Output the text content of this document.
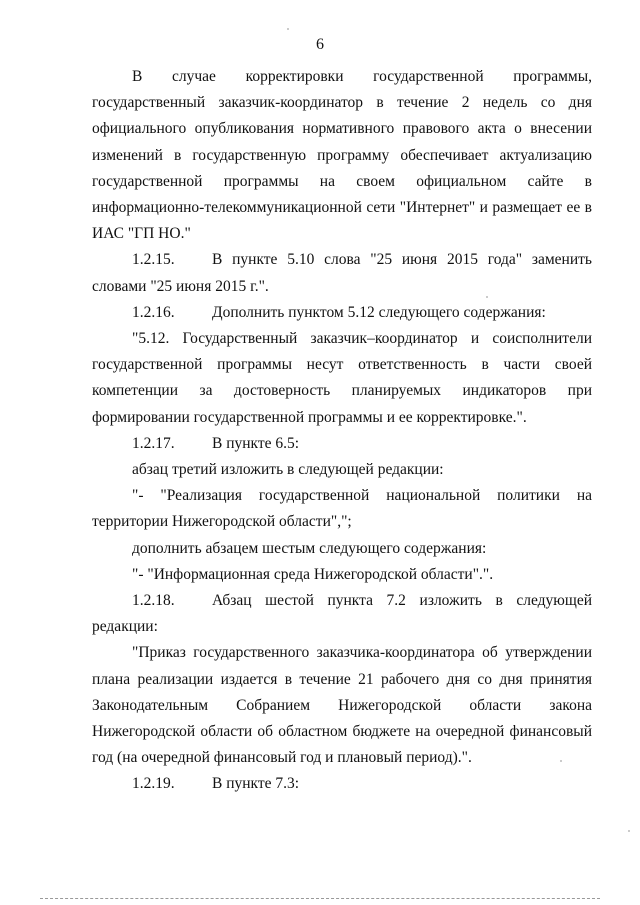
6

В случае корректировки государственной программы,

государственный заказчик-координатор в течение 2 недель со дня

официального опубликования нормативного правового акта о внесении

изменений в государственную программу обеспечивает актуализацию

государственной программы на своем официальном сайте в

информационно-телекоммуникационной сети "Интернет" и размещает ее в

ИАС "ГП НО."

1.2.15. В пункте 5.10 слова "25 июня 2015 года" заменить

словами "25 июня 2015 г.".

1.2.16. Дополнить пунктом 5.12 следующего содержания:

"5.12. Государственный заказчик–координатор и соисполнители

государственной программы несут ответственность в части своей

компетенции за достоверность планируемых индикаторов при

формировании государственной программы и ее корректировке.".

1.2.17. В пункте 6.5:

абзац третий изложить в следующей редакции:

"- "Реализация государственной национальной политики на

территории Нижегородской области",";

дополнить абзацем шестым следующего содержания:

"- "Информационная среда Нижегородской области".".

1.2.18. Абзац шестой пункта 7.2 изложить в следующей

редакции:

"Приказ государственного заказчика-координатора об утверждении

плана реализации издается в течение 21 рабочего дня со дня принятия

Законодательным Собранием Нижегородской области закона

Нижегородской области об областном бюджете на очередной финансовый

год (на очередной финансовый год и плановый период).".

1.2.19. В пункте 7.3:
